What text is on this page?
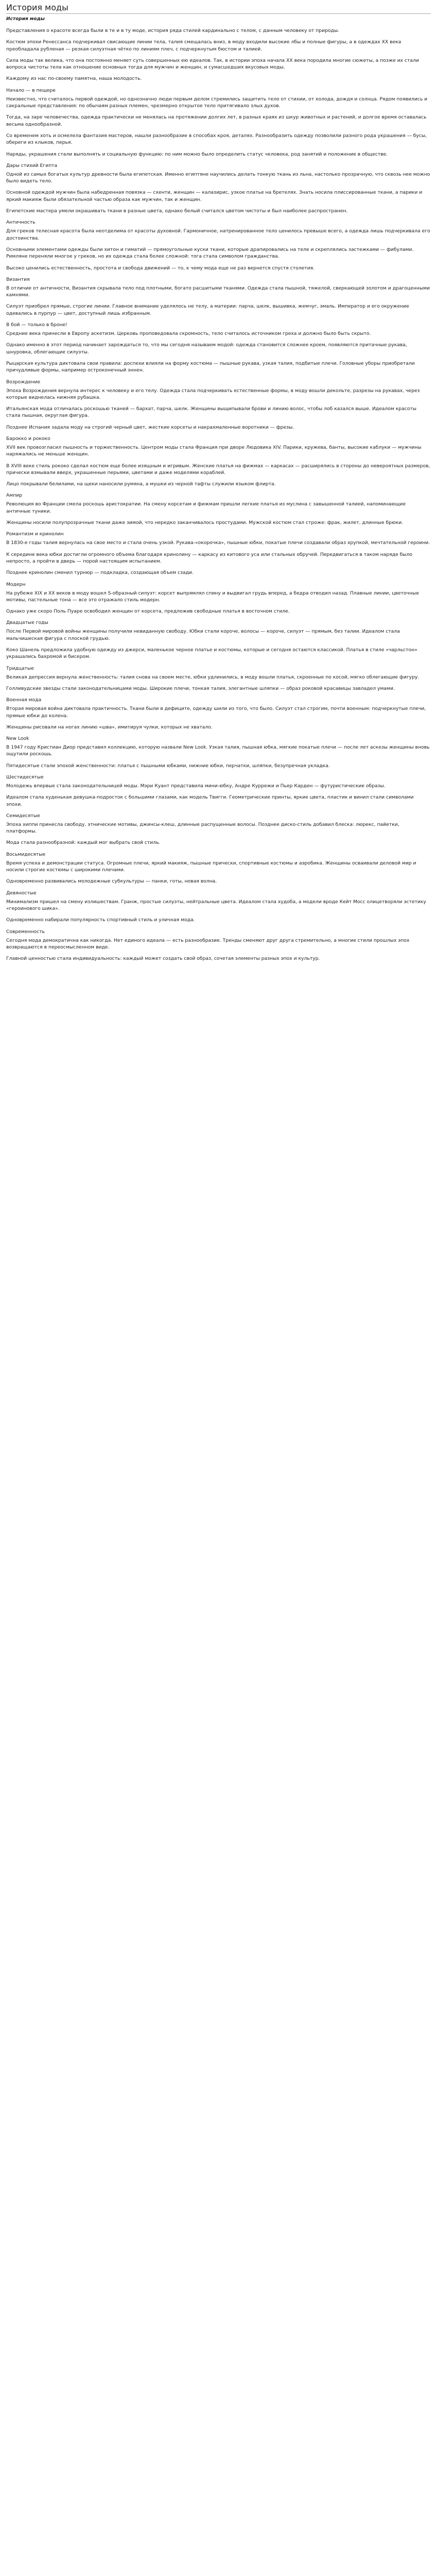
История моды
История моды

Представления о красоте всегда были в те и в ту моде, история ряда стилей кардинально с телом, с данным человеку от природы.

Костюм эпохи Ренессанса подчеркивал свисающие линии тела, талия смещалась вниз, в моду входили высокие лбы и полные фигуры, а в одеждах XX века преобладала рубленая — резкая силуэтная чётко по линиям плеч, с подчеркнутым бюстом и талией.

Сила моды так велика, что она постоянно меняет суть совершенных ею идеалов. Так, в истории эпоха начала XX века породила многие сюжеты, а позже их стали вопроса чистоты тела как отношение основных тогда для мужчин и женщин, и сумасшедших вкусовых моды.

Каждому из нас по-своему памятна, наша молодость.

Начало — в пещере

Неизвестно, что считалось первой одеждой, но однозначно люди первым делом стремились защитить тело от стихии, от холода, дождя и солнца. Рядом появились и сакральные представления: по обычаям разных племен, чрезмерно открытое тело притягивало злых духов.

Тогда, на заре человечества, одежда практически не менялась на протяжении долгих лет, в разных краях из шкур животных и растений, и долгое время оставалась весьма однообразной.

Со временем хоть и осмелела фантазия мастеров, нашли разнообразие в способах кроя, деталях. Разнообразить одежду позволили разного рода украшения — бусы, обереги из клыков, перья.

Наряды, украшения стали выполнять и социальную функцию: по ним можно было определить статус человека, род занятий и положение в обществе.

Дары стихий Египта

Одной из самых богатых культур древности была египетская. Именно египтяне научились делать тонкую ткань из льна, настолько прозрачную, что сквозь нее можно было видеть тело.

Основной одеждой мужчин была набедренная повязка — схенти, женщин — калазирис, узкое платье на бретелях. Знать носила плиссированные ткани, а парики и яркий макияж были обязательной частью образа как мужчин, так и женщин.

Египетские мастера умели окрашивать ткани в разные цвета, однако белый считался цветом чистоты и был наиболее распространен.

Античность

Для греков телесная красота была неотделима от красоты духовной. Гармоничное, натренированное тело ценилось превыше всего, а одежда лишь подчеркивала его достоинства.

Основными элементами одежды были хитон и гиматий — прямоугольные куски ткани, которые драпировались на теле и скреплялись застежками — фибулами. Римляне переняли многое у греков, но их одежда стала более сложной: тога стала символом гражданства.

Высоко ценились естественность, простота и свобода движений — то, к чему мода еще не раз вернется спустя столетия.

Византия

В отличие от античности, Византия скрывала тело под плотными, богато расшитыми тканями. Одежда стала пышной, тяжелой, сверкающей золотом и драгоценными камнями.

Силуэт приобрел прямые, строгие линии. Главное внимание уделялось не телу, а материи: парча, шелк, вышивка, жемчуг, эмаль. Император и его окружение одевались в пурпур — цвет, доступный лишь избранным.

В бой — только в броне!

Средние века принесли в Европу аскетизм. Церковь проповедовала скромность, тело считалось источником греха и должно было быть скрыто.

Однако именно в этот период начинает зарождаться то, что мы сегодня называем модой: одежда становится сложнее кроем, появляются притачные рукава, шнуровка, облегающие силуэты.

Рыцарская культура диктовала свои правила: доспехи влияли на форму костюма — пышные рукава, узкая талия, подбитые плечи. Головные уборы приобретали причудливые формы, например остроконечный эннен.

Возрождение

Эпоха Возрождения вернула интерес к человеку и его телу. Одежда стала подчеркивать естественные формы, в моду вошли декольте, разрезы на рукавах, через которые виднелась нижняя рубашка.

Итальянская мода отличалась роскошью тканей — бархат, парча, шелк. Женщины выщипывали брови и линию волос, чтобы лоб казался выше. Идеалом красоты стала пышная, округлая фигура.

Позднее Испания задала моду на строгий черный цвет, жесткие корсеты и накрахмаленные воротники — фрезы.

Барокко и рококо

XVII век провозгласил пышность и торжественность. Центром моды стала Франция при дворе Людовика XIV. Парики, кружева, банты, высокие каблуки — мужчины наряжались не меньше женщин.

В XVIII веке стиль рококо сделал костюм еще более изящным и игривым. Женские платья на фижмах — каркасах — расширялись в стороны до невероятных размеров, прически взмывали вверх, украшенные перьями, цветами и даже моделями кораблей.

Лицо покрывали белилами, на щеки наносили румяна, а мушки из черной тафты служили языком флирта.

Ампир

Революция во Франции смела роскошь аристократии. На смену корсетам и фижмам пришли легкие платья из муслина с завышенной талией, напоминающие античные туники.

Женщины носили полупрозрачные ткани даже зимой, что нередко заканчивалось простудами. Мужской костюм стал строже: фрак, жилет, длинные брюки.

Романтизм и кринолин

В 1830-е годы талия вернулась на свое место и стала очень узкой. Рукава-«окорочка», пышные юбки, покатые плечи создавали образ хрупкой, мечтательной героини.

К середине века юбки достигли огромного объема благодаря кринолину — каркасу из китового уса или стальных обручей. Передвигаться в таком наряде было непросто, а пройти в дверь — порой настоящим испытанием.

Позднее кринолин сменил турнюр — подкладка, создающая объем сзади.

Модерн

На рубеже XIX и XX веков в моду вошел S-образный силуэт: корсет выпрямлял спину и выдвигал грудь вперед, а бедра отводил назад. Плавные линии, цветочные мотивы, пастельные тона — все это отражало стиль модерн.

Однако уже скоро Поль Пуаре освободил женщин от корсета, предложив свободные платья в восточном стиле.

Двадцатые годы

После Первой мировой войны женщины получили невиданную свободу. Юбки стали короче, волосы — короче, силуэт — прямым, без талии. Идеалом стала мальчишеская фигура с плоской грудью.

Коко Шанель предложила удобную одежду из джерси, маленькое черное платье и костюмы, которые и сегодня остаются классикой. Платья в стиле «чарльстон» украшались бахромой и бисером.

Тридцатые

Великая депрессия вернула женственность: талия снова на своем месте, юбки удлинились, в моду вошли платья, скроенные по косой, мягко облегающие фигуру.

Голливудские звезды стали законодательницами моды. Широкие плечи, тонкая талия, элегантные шляпки — образ роковой красавицы завладел умами.

Военная мода

Вторая мировая война диктовала практичность. Ткани были в дефиците, одежду шили из того, что было. Силуэт стал строгим, почти военным: подчеркнутые плечи, прямые юбки до колена.

Женщины рисовали на ногах линию «шва», имитируя чулки, которых не хватало.

New Look

В 1947 году Кристиан Диор представил коллекцию, которую назвали New Look. Узкая талия, пышная юбка, мягкие покатые плечи — после лет аскезы женщины вновь ощутили роскошь.

Пятидесятые стали эпохой женственности: платья с пышными юбками, нижние юбки, перчатки, шляпки, безупречная укладка.

Шестидесятые

Молодежь впервые стала законодательницей моды. Мэри Куант представила мини-юбку, Андре Куррежи и Пьер Карден — футуристические образы.

Идеалом стала худенькая девушка-подросток с большими глазами, как модель Твигги. Геометрические принты, яркие цвета, пластик и винил стали символами эпохи.

Семидесятые

Эпоха хиппи принесла свободу, этнические мотивы, джинсы-клеш, длинные распущенные волосы. Позднее диско-стиль добавил блеска: люрекс, пайетки, платформы.

Мода стала разнообразной: каждый мог выбрать свой стиль.

Восьмидесятые

Время успеха и демонстрации статуса. Огромные плечи, яркий макияж, пышные прически, спортивные костюмы и аэробика. Женщины осваивали деловой мир и носили строгие костюмы с широкими плечами.

Одновременно развивались молодежные субкультуры — панки, готы, новая волна.

Девяностые

Минимализм пришел на смену излишествам. Гранж, простые силуэты, нейтральные цвета. Идеалом стала худоба, а модели вроде Кейт Мосс олицетворяли эстетику «героинового шика».

Одновременно набирали популярность спортивный стиль и уличная мода.

Современность

Сегодня мода демократична как никогда. Нет единого идеала — есть разнообразие. Тренды сменяют друг друга стремительно, а многие стили прошлых эпох возвращаются в переосмысленном виде.

Главной ценностью стала индивидуальность: каждый может создать свой образ, сочетая элементы разных эпох и культур.
